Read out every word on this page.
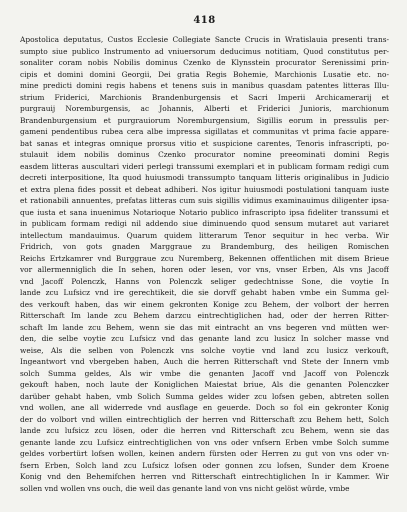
418
Apostolica deputatus, Custos Ecclesie Collegiate Sancte Crucis in Wratislauia presenti trans-
sumpto siue publico Instrumento ad vniuersorum deducimus notitiam, Quod constitutus per-
sonaliter coram nobis Nobilis dominus Czenko de Klynsstein procurator Serenissimi prin-
cipis et domini domini Georgii, Dei gratia Regis Bohemie, Marchionis Lusatie etc. no-
mine predicti domini regis habens et tenens suis in manibus quasdam patentes litteras Illu-
strium Friderici, Marchionis Brandenburgensis et Sacri Imperii Archicamerarij et
purgrauij Noremburgensis, ac Johannis, Alberti et Friderici Junioris, marchionum
Brandenburgensium et purgrauiorum Noremburgensium, Sigillis eorum in pressulis per-
gameni pendentibus rubea cera albe impressa sigillatas et communitas vt prima facie appare-
bat sanas et integras omnique prorsus vitio et suspicione carentes, Tenoris infrascripti, po-
stulauit idem nobilis dominus Czenko procurator nomine preeominati domini Regis
easdem litteras auscultari videri perlegi transsumi exemplari et in publicam formam redigi cum
decreti interpositione, Ita quod huiusmodi transsumpto tanquam litteris originalibus in Judicio
et extra plena fides possit et debeat adhiberi. Nos igitur huiusmodi postulationi tanquam iuste
et rationabili annuentes, prefatas litteras cum suis sigillis vidimus examinauimus diligenter ipsa-
que iusta et sana inuenimus Notarioque Notario publico infrascripto ipsa fideliter transsumi et
in publicam formam redigi nil addendo siue diminuendo quod sensum mutaret aut variaret
intellectum mandauimus. Quarum quidem litterarum Tenor sequitur in hec verba. Wir
Fridrich, von gots gnaden Marggraue zu Brandemburg, des heiligen Romischen
Reichs Ertzkamrer vnd Burggraue zcu Nuremberg, Bekennen offentlichen mit disem Brieue
vor allermenniglich die In sehen, horen oder lesen, vor vns, vnser Erben, Als vns Jacoff
vnd Jacoff Polenczk, Hanns von Polenczk seliger gedechtnisse Sone, die voytie In
lande zcu Lufsicz vnd ire gerechtikeit, die sie dorvff gehabt haben vmbe ein Summa gel-
des verkouft haben, das wir einem gekronten Konige zcu Behem, der volbort der herren
Ritterschaft Im lande zcu Behem darzcu eintrechtiglichen had, oder der herren Ritter-
schaft Im lande zcu Behem, wenn sie das mit eintracht an vns begeren vnd mütten wer-
den, die selbe voytie zcu Lufsicz vnd das genante land zcu lusicz In solcher masse vnd
weise, Als die selben von Polenczk vns solche voytie vnd land zcu lusicz verkouft,
Ingeantwort vnd vbergeben haben, Auch die herren Ritterschaft vnd Stete der Innern vmb
solch Summa geldes, Als wir vmbe die genanten Jacoff vnd Jacoff von Polenczk
gekouft haben, noch laute der Koniglichen Maiestat briue, Als die genanten Polenczker
darüber gehabt haben, vmb Solich Summa geldes wider zcu lofsen geben, abtreten sollen
vnd wollen, ane all widerrede vnd ausflage en geuerde. Doch so fol ein gekronter Konig
der do volbort vnd willen eintrechtiglich der herren vnd Ritterschaft zcu Behem hett, Solch
lande zcu lufsicz zcu lösen, oder die herren vnd Ritterschaft zcu Behem, wenn sie das
genante lande zcu Lufsicz eintrechtiglichen von vns oder vnfsern Erben vmbe Solch summe
geldes vorbertürt lofsen wollen, keinen andern fürsten oder Herren zu gut von vns oder vn-
fsern Erben, Solch land zcu Lufsicz lofsen oder gonnen zcu lofsen, Sunder dem Kroene
Konig vnd den Behemifchen herren vnd Ritterschaft eintrechtiglichen In ir Kammer. Wir
sollen vnd wollen vns ouch, die weil das genante land von vns nicht gelöst würde, vmbe
